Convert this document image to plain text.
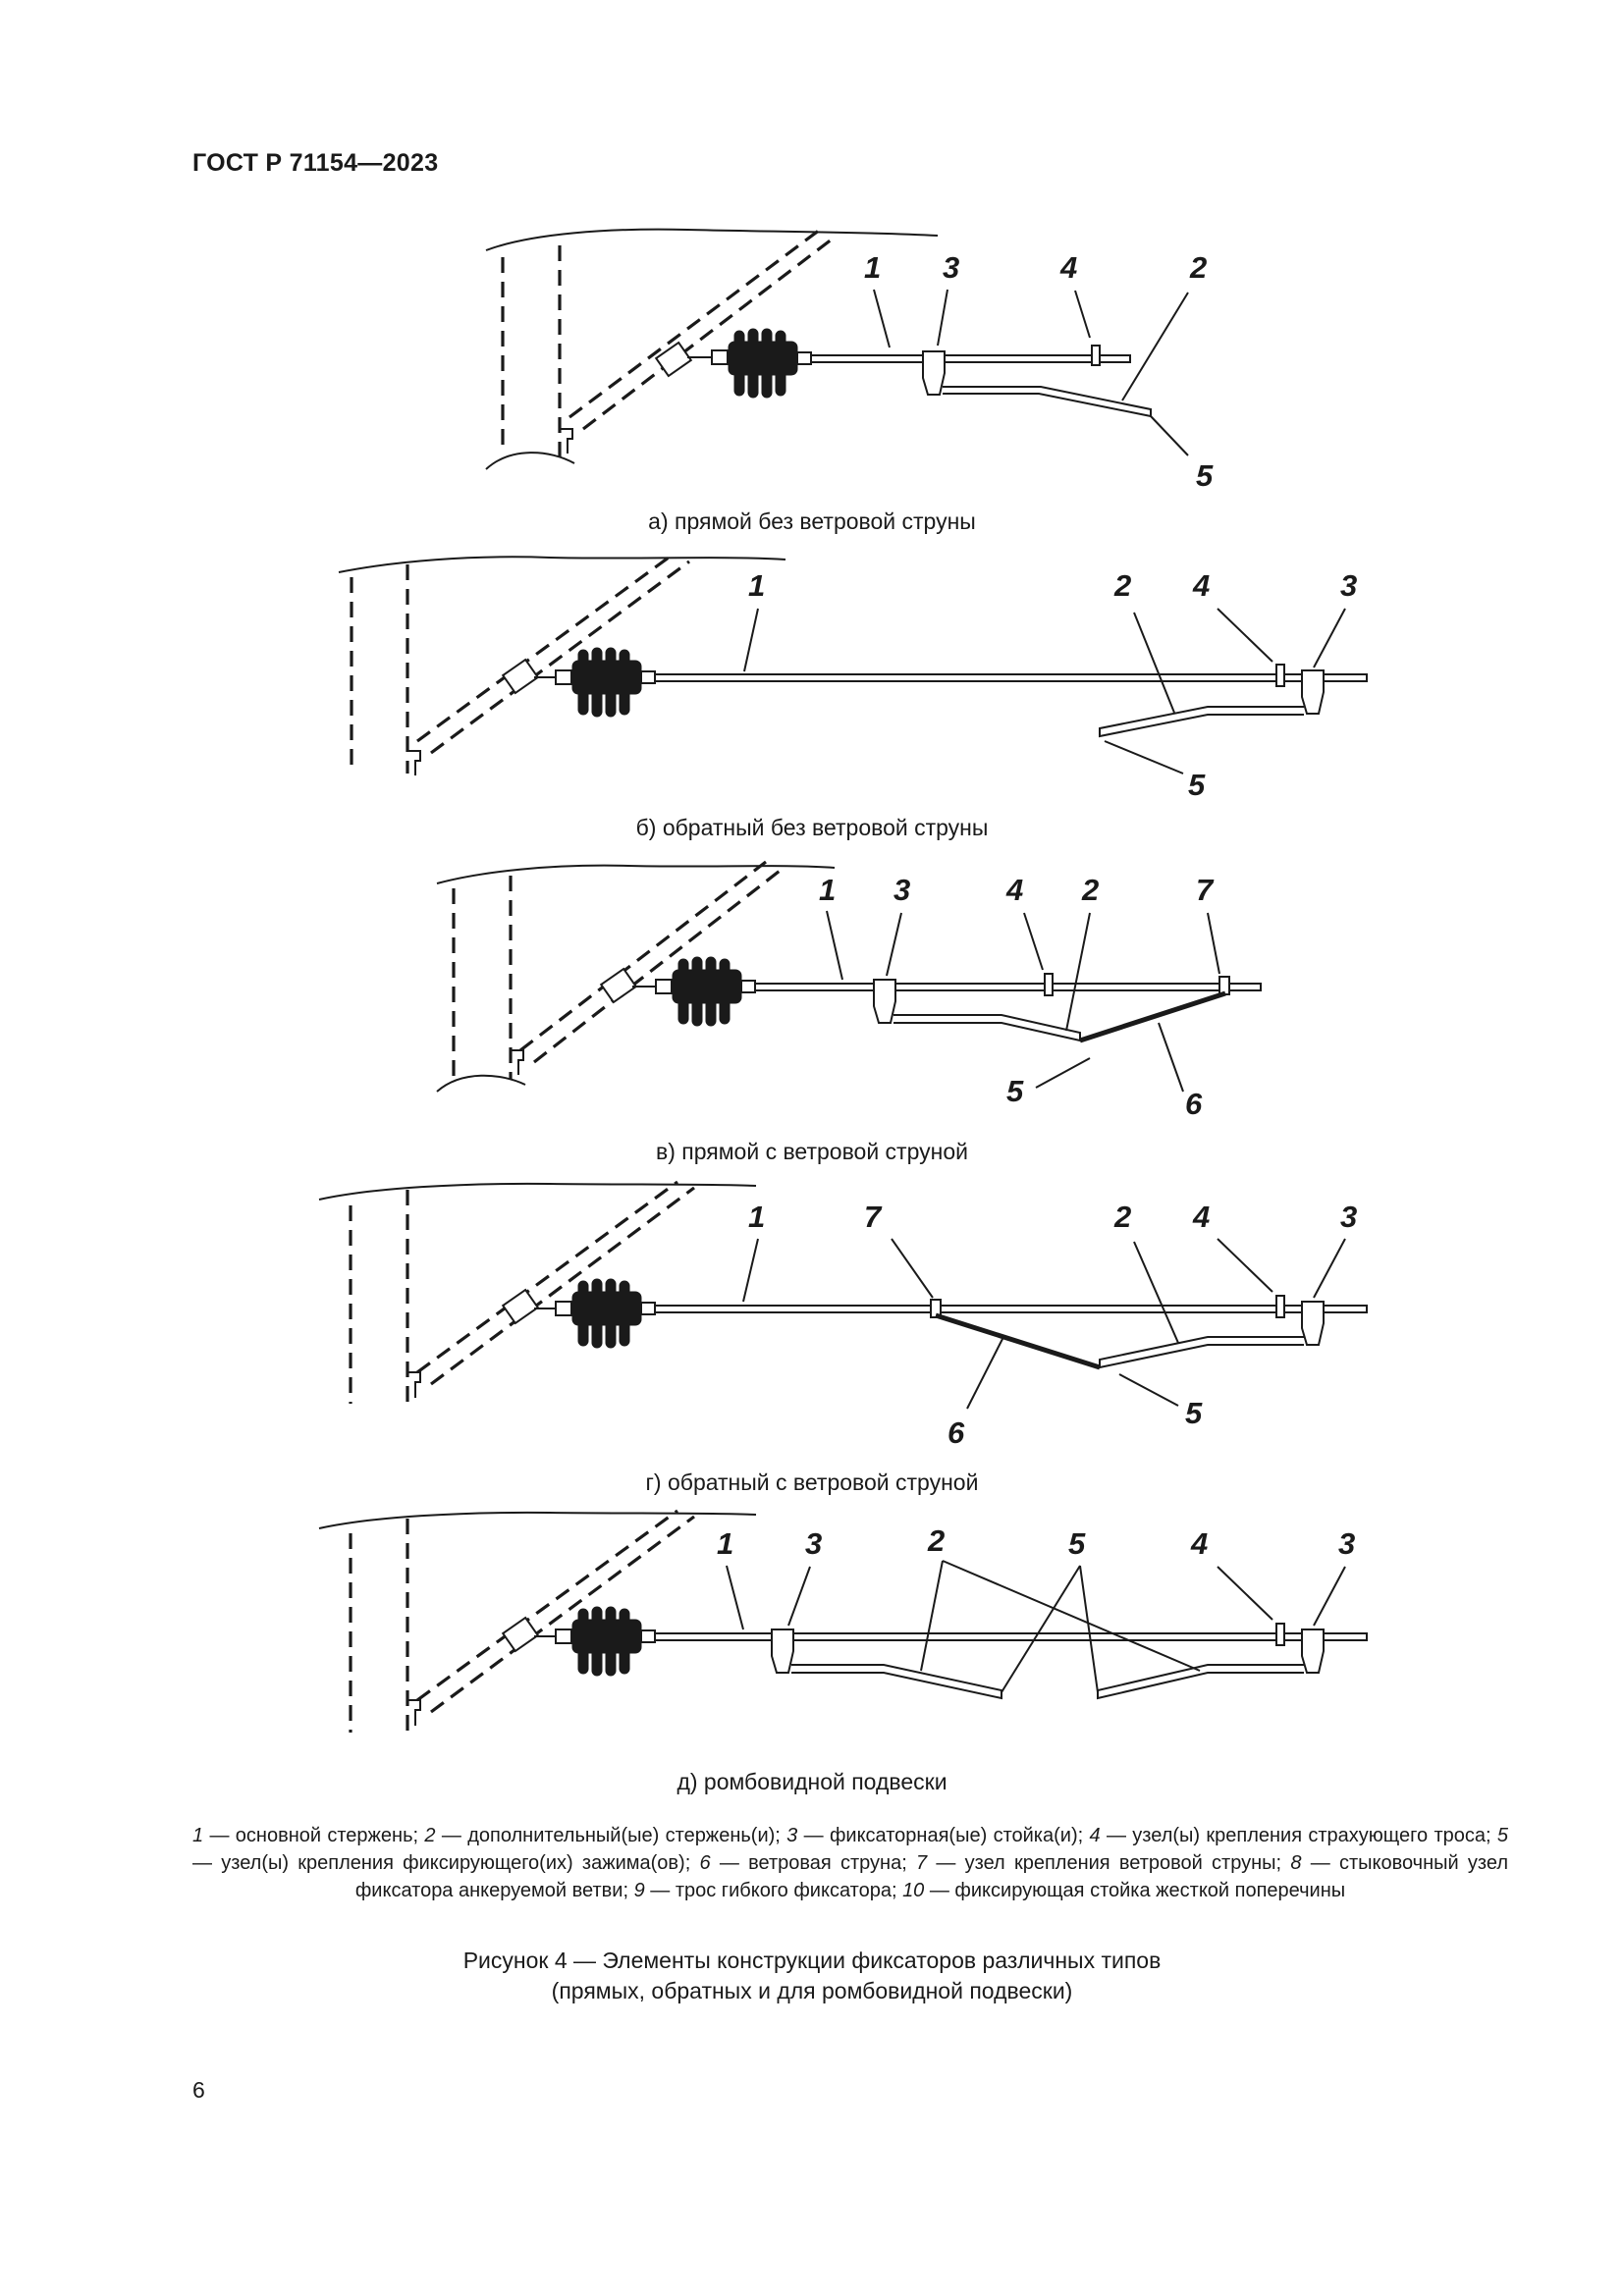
ГОСТ Р 71154—2023
1 3	4	2
5
а) прямой без ветровой струны
1	2 4	3
5
б) обратный без ветровой струны
1 3	4 2	7
5	6
в) прямой с ветровой струной
1	7	2 4	3
6
5
г) обратный с ветровой струной
1 3	2	5	4	3
д) ромбовидной подвески
1 — основной стержень; 2 — дополнительный(ые) стержень(и); 3 — фиксаторная(ые) стойка(и); 4 — узел(ы) крепления страхующего троса; 5 — узел(ы) крепления фиксирующего(их) зажима(ов); 6 — ветровая струна; 7 — узел крепления ветровой струны; 8 — стыковочный узел фиксатора анкеруемой ветви; 9 — трос гибкого фиксатора; 10 — фиксирующая стойка жесткой поперечины
Рисунок 4 — Элементы конструкции фиксаторов различных типов
(прямых, обратных и для ромбовидной подвески)
6
